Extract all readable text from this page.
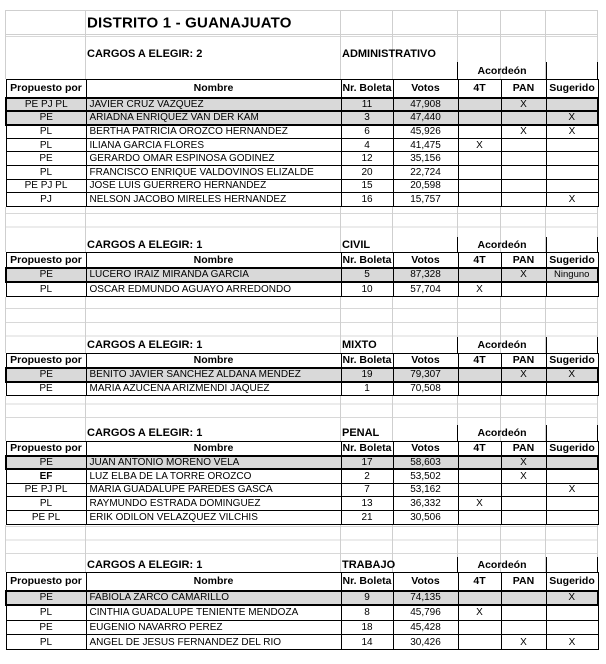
DISTRITO 1 - GUANAJUATO
CARGOS A ELEGIR: 2	ADMINISTRATIVO
Acordeón
Propuesto por	Nombre	Nr. Boleta	Votos	4T	PAN	Sugerido
PE PJ PL	JAVIER CRUZ VAZQUEZ	11	47,908		X	
PE	ARIADNA ENRIQUEZ VAN DER KAM	3	47,440			X
PL	BERTHA PATRICIA OROZCO HERNANDEZ	6	45,926		X	X
PL	ILIANA GARCIA FLORES	4	41,475	X		
PE	GERARDO OMAR ESPINOSA GODINEZ	12	35,156			
PL	FRANCISCO ENRIQUE VALDOVINOS ELIZALDE	20	22,724			
PE PJ PL	JOSE LUIS GUERRERO HERNANDEZ	15	20,598			
PJ	NELSON JACOBO MIRELES HERNANDEZ	16	15,757			X
CARGOS A ELEGIR: 1	CIVIL	Acordeón
Propuesto por	Nombre	Nr. Boleta	Votos	4T	PAN	Sugerido
PE	LUCERO IRAIZ MIRANDA GARCIA	5	87,328		X	Ninguno
PL	OSCAR EDMUNDO AGUAYO ARREDONDO	10	57,704	X		
CARGOS A ELEGIR: 1	MIXTO	Acordeón
Propuesto por	Nombre	Nr. Boleta	Votos	4T	PAN	Sugerido
PE	BENITO JAVIER SANCHEZ ALDANA MENDEZ	19	79,307		X	X
PE	MARIA AZUCENA ARIZMENDI JAQUEZ	1	70,508			
CARGOS A ELEGIR: 1	PENAL	Acordeón
Propuesto por	Nombre	Nr. Boleta	Votos	4T	PAN	Sugerido
PE	JUAN ANTONIO MORENO VELA	17	58,603		X	
EF	LUZ ELBA DE LA TORRE OROZCO	2	53,502		X	
PE PJ PL	MARIA GUADALUPE PAREDES GASCA	7	53,162			X
PL	RAYMUNDO ESTRADA DOMINGUEZ	13	36,332	X		
PE PL	ERIK ODILON VELAZQUEZ VILCHIS	21	30,506			
CARGOS A ELEGIR: 1	TRABAJO	Acordeón
Propuesto por	Nombre	Nr. Boleta	Votos	4T	PAN	Sugerido
PE	FABIOLA ZARCO CAMARILLO	9	74,135			X
PL	CINTHIA GUADALUPE TENIENTE MENDOZA	8	45,796	X		
PE	EUGENIO NAVARRO PEREZ	18	45,428			
PL	ANGEL DE JESUS FERNANDEZ DEL RIO	14	30,426		X	X
